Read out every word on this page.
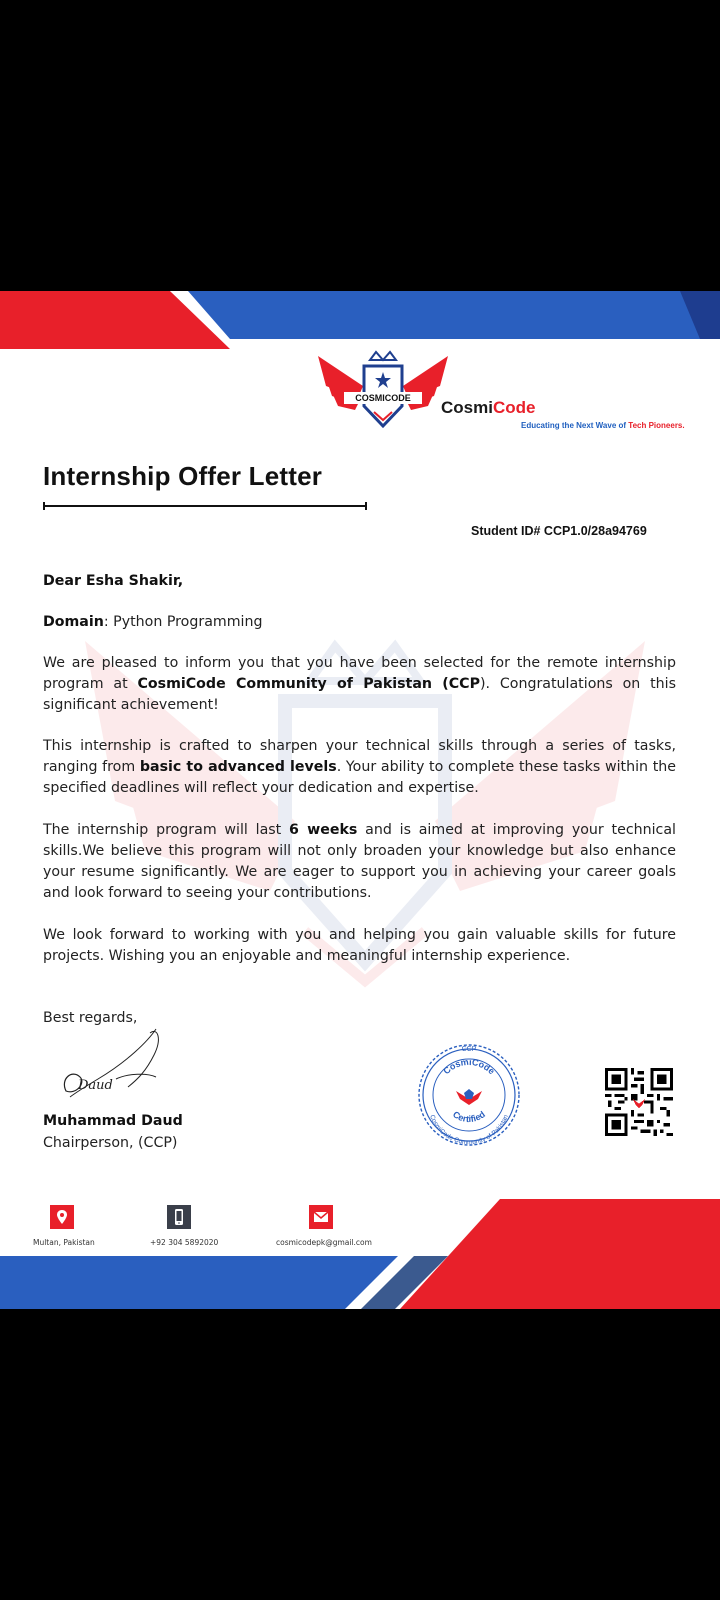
COSMICODE CosmiCode
Educating the Next Wave of Tech Pioneers.
Internship Offer Letter
Student ID# CCP1.0/28a94769
Dear Esha Shakir,
Domain: Python Programming
We are pleased to inform you that you have been selected for the remote internship program at CosmiCode Community of Pakistan (CCP). Congratulations on this significant achievement!
This internship is crafted to sharpen your technical skills through a series of tasks, ranging from basic to advanced levels. Your ability to complete these tasks within the specified deadlines will reflect your dedication and expertise.
The internship program will last 6 weeks and is aimed at improving your technical skills.We believe this program will not only broaden your knowledge but also enhance your resume significantly. We are eager to support you in achieving your career goals and look forward to seeing your contributions.
We look forward to working with you and helping you gain valuable skills for future projects. Wishing you an enjoyable and meaningful internship experience.
Best regards,
Daud
Muhammad Daud
Chairperson, (CCP)
CCP
CosmiCode
Certified
CosmiCode Community of Pakistan
Multan, Pakistan	+92 304 5892020	cosmicodepk@gmail.com
